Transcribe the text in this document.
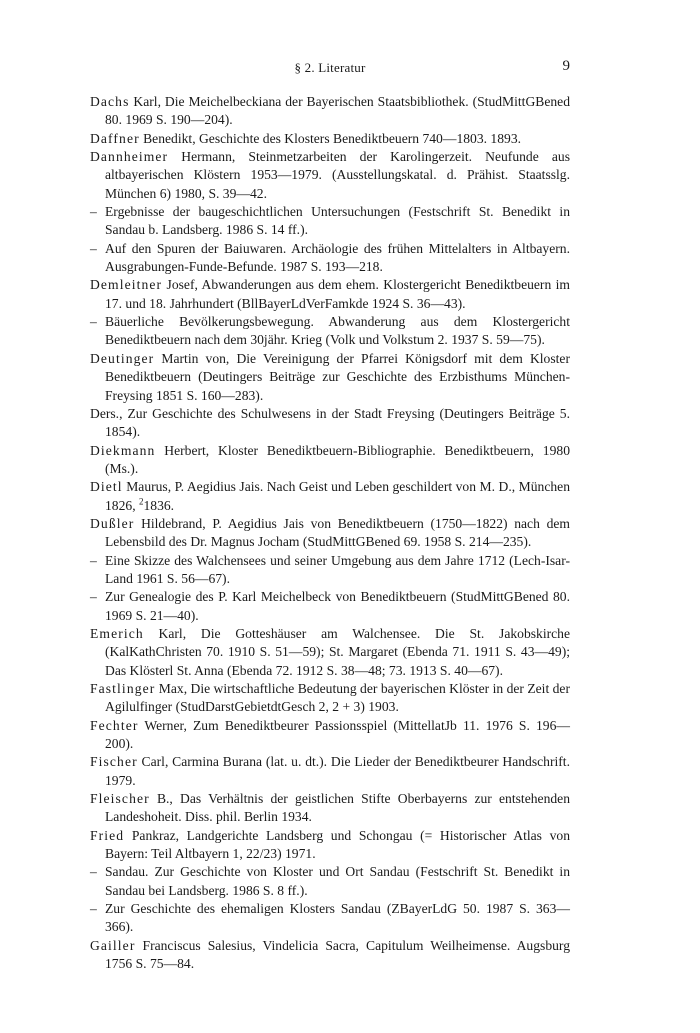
§ 2. Literatur	9

Dachs Karl, Die Meichelbeckiana der Bayerischen Staatsbibliothek. (StudMittGBened 80. 1969 S. 190—204).

Daffner Benedikt, Geschichte des Klosters Benediktbeuern 740—1803. 1893.

Dannheimer Hermann, Steinmetzarbeiten der Karolingerzeit. Neufunde aus altbayerischen Klöstern 1953—1979. (Ausstellungskatal. d. Prähist. Staatsslg. München 6) 1980, S. 39—42.

– Ergebnisse der baugeschichtlichen Untersuchungen (Festschrift St. Benedikt in Sandau b. Landsberg. 1986 S. 14 ff.).

– Auf den Spuren der Baiuwaren. Archäologie des frühen Mittelalters in Altbayern. Ausgrabungen-Funde-Befunde. 1987 S. 193—218.

Demleitner Josef, Abwanderungen aus dem ehem. Klostergericht Benediktbeuern im 17. und 18. Jahrhundert (BllBayerLdVerFamkde 1924 S. 36—43).

– Bäuerliche Bevölkerungsbewegung. Abwanderung aus dem Klostergericht Benediktbeuern nach dem 30jähr. Krieg (Volk und Volkstum 2. 1937 S. 59—75).

Deutinger Martin von, Die Vereinigung der Pfarrei Königsdorf mit dem Kloster Benediktbeuern (Deutingers Beiträge zur Geschichte des Erzbisthums München-Freysing 1851 S. 160—283).

Ders., Zur Geschichte des Schulwesens in der Stadt Freysing (Deutingers Beiträge 5. 1854).

Diekmann Herbert, Kloster Benediktbeuern-Bibliographie. Benediktbeuern, 1980 (Ms.).

Dietl Maurus, P. Aegidius Jais. Nach Geist und Leben geschildert von M. D., München 1826, $^2$1836.

Dußler Hildebrand, P. Aegidius Jais von Benediktbeuern (1750—1822) nach dem Lebensbild des Dr. Magnus Jocham (StudMittGBened 69. 1958 S. 214—235).

– Eine Skizze des Walchensees und seiner Umgebung aus dem Jahre 1712 (Lech-Isar-Land 1961 S. 56—67).

– Zur Genealogie des P. Karl Meichelbeck von Benediktbeuern (StudMittGBened 80. 1969 S. 21—40).

Emerich Karl, Die Gotteshäuser am Walchensee. Die St. Jakobskirche (KalKathChristen 70. 1910 S. 51—59); St. Margaret (Ebenda 71. 1911 S. 43—49); Das Klösterl St. Anna (Ebenda 72. 1912 S. 38—48; 73. 1913 S. 40—67).

Fastlinger Max, Die wirtschaftliche Bedeutung der bayerischen Klöster in der Zeit der Agilulfinger (StudDarstGebietdtGesch 2, 2 + 3) 1903.

Fechter Werner, Zum Benediktbeurer Passionsspiel (MittellatJb 11. 1976 S. 196—200).

Fischer Carl, Carmina Burana (lat. u. dt.). Die Lieder der Benediktbeurer Handschrift. 1979.

Fleischer B., Das Verhältnis der geistlichen Stifte Oberbayerns zur entstehenden Landeshoheit. Diss. phil. Berlin 1934.

Fried Pankraz, Landgerichte Landsberg und Schongau (= Historischer Atlas von Bayern: Teil Altbayern 1, 22/23) 1971.

– Sandau. Zur Geschichte von Kloster und Ort Sandau (Festschrift St. Benedikt in Sandau bei Landsberg. 1986 S. 8 ff.).

– Zur Geschichte des ehemaligen Klosters Sandau (ZBayerLdG 50. 1987 S. 363—366).

Gailler Franciscus Salesius, Vindelicia Sacra, Capitulum Weilheimense. Augsburg 1756 S. 75—84.
